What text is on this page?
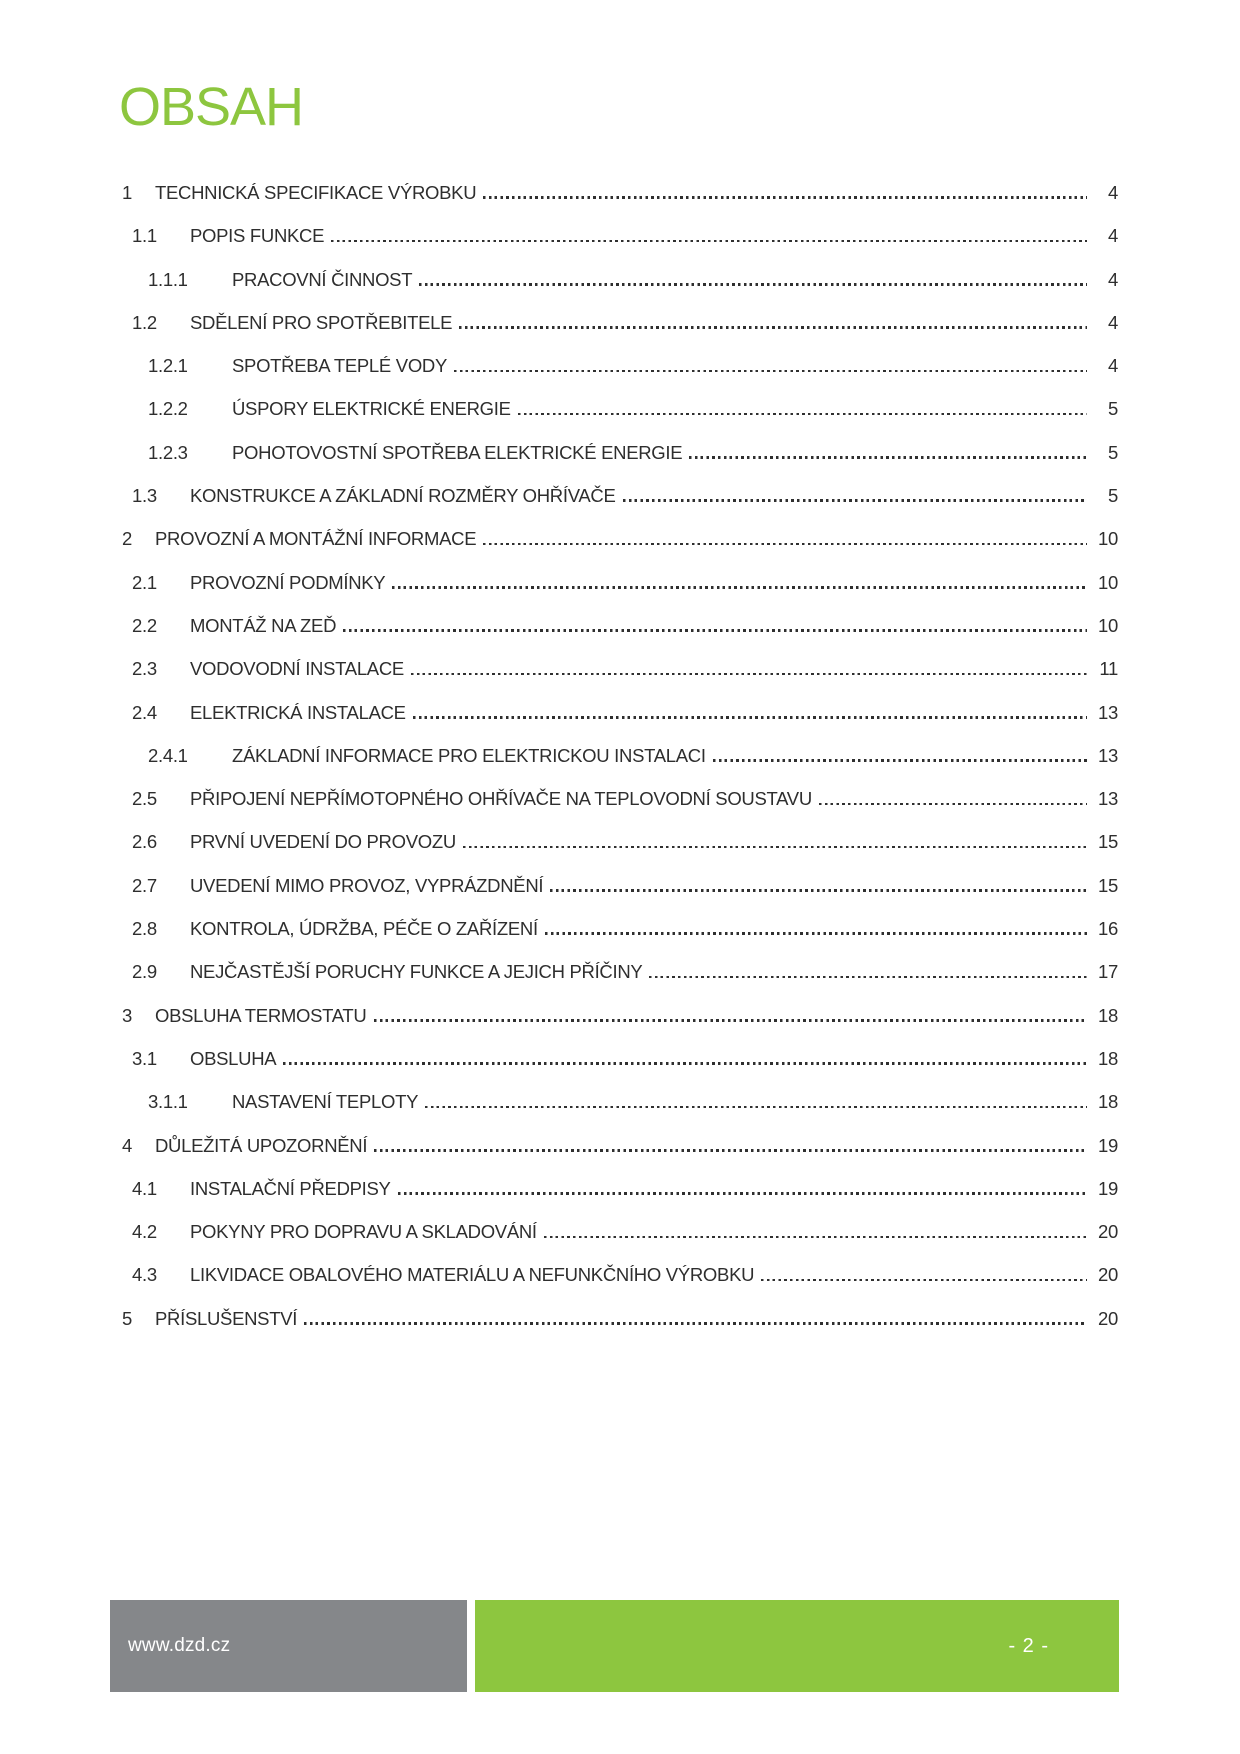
OBSAH
1	TECHNICKÁ SPECIFIKACE VÝROBKU	4
1.1	POPIS FUNKCE	4
1.1.1	PRACOVNÍ ČINNOST	4
1.2	SDĚLENÍ PRO SPOTŘEBITELE	4
1.2.1	SPOTŘEBA TEPLÉ VODY	4
1.2.2	ÚSPORY ELEKTRICKÉ ENERGIE	5
1.2.3	POHOTOVOSTNÍ SPOTŘEBA ELEKTRICKÉ ENERGIE	5
1.3	KONSTRUKCE A ZÁKLADNÍ ROZMĚRY OHŘÍVAČE	5
2	PROVOZNÍ A MONTÁŽNÍ INFORMACE	10
2.1	PROVOZNÍ PODMÍNKY	10
2.2	MONTÁŽ NA ZEĎ	10
2.3	VODOVODNÍ INSTALACE	11
2.4	ELEKTRICKÁ INSTALACE	13
2.4.1	ZÁKLADNÍ INFORMACE PRO ELEKTRICKOU INSTALACI	13
2.5	PŘIPOJENÍ NEPŘÍMOTOPNÉHO OHŘÍVAČE NA TEPLOVODNÍ SOUSTAVU	13
2.6	PRVNÍ UVEDENÍ DO PROVOZU	15
2.7	UVEDENÍ MIMO PROVOZ, VYPRÁZDNĚNÍ	15
2.8	KONTROLA, ÚDRŽBA, PÉČE O ZAŘÍZENÍ	16
2.9	NEJČASTĚJŠÍ PORUCHY FUNKCE A JEJICH PŘÍČINY	17
3	OBSLUHA TERMOSTATU	18
3.1	OBSLUHA	18
3.1.1	NASTAVENÍ TEPLOTY	18
4	DŮLEŽITÁ UPOZORNĚNÍ	19
4.1	INSTALAČNÍ PŘEDPISY	19
4.2	POKYNY PRO DOPRAVU A SKLADOVÁNÍ	20
4.3	LIKVIDACE OBALOVÉHO MATERIÁLU A NEFUNKČNÍHO VÝROBKU	20
5	PŘÍSLUŠENSTVÍ	20
www.dzd.cz	- 2 -
